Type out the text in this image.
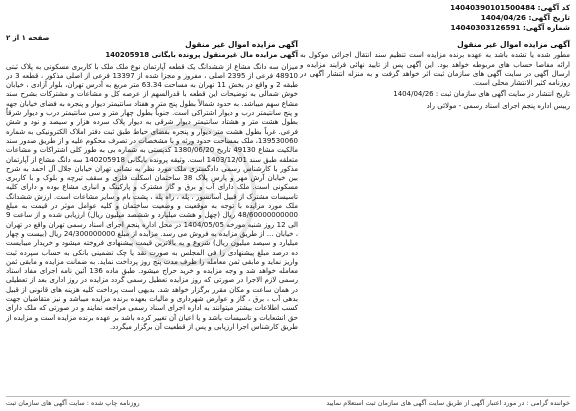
کد آگهی: 14040390101500484
تاریخ آگهی: 1404/04/26
شماره آگهی: 14040303126591
صفحه ۱ از ۲
آگهی مزایده اموال غیر منقول

مطور شده یا تشده باشد به عهده برنده مزایده است تنظیم سند انتقال اجرائی موکول به ارائه مفاصا حساب های مربوطه خواهد بود. این آگهی پس از تایید نهائی فرایند مزایده و ارسال آگهی در سایت آگهی های سازمان ثبت اثر خواهد گرفت و به منزله انتشار آگهی در روزنامه کثیر الانتشار محلی است.

تاریخ انتشار در سایت آگهی های سازمان ثبت : 1404/04/26

رییس اداره پنجم اجرای اسناد رسمی - مولائی راد

آگهی مزایده اموال غیر منقول
آگهی مزایده مال غیرمنقول پرونده بایگانی 140205918

میزان سه دانگ مشاع از ششدانگ یک قطعه آپارتمان نوع ملک ملک با کاربری مسکونی به پلاک ثبتی 48910 فرعی از 2395 اصلی ، مفروز و مجزا شده از 13397 فرعی از اصلی مذکور ، قطعه 3 در طبقه 2 و واقع در بخش 11 تهران به مساحت 63.34 متر مربع به آدرس تهران، بلوار آزادی ، خیابان خوش شمالی به توضیحات این قطعه با قدرالسهم از عرصه کل و مشاعات و مشترکات بشرح سند مشاع سهم میباشد. به حدود شمالاً بطول پنج متر و هفتاد سانتیمتر دیوار و پنجره به فضای خیابان جهه و پنج سانتیمتر درب و دیوار اشتراکی است. جنوباً بطول چهار متر و سی سانتیمتر درب و دیوار شرقاً بطول هشت متر و هشتاد سانتیمتر دیوار شرقی به دیوار پلاک سرده هزار و سیصد و نود و شش فرعی. غرباً بطول هشت متر دیوار و پنجره بفضای حیاط طبق ثبت دفتر املاک الکترونیکی به شماره 139530060، ملک بمساحت حدود ورثه و با مشخصات در تصرف محکوم علیه و از طریق صدور سند مالکیت مشاع 49130 تاریخ 1380/06/20 کدپستی به شماره بی به طور کلی اشتراکات و مشاعات متعلقه طبق سند 1403/12/01 است. وثیقه پرونده بایگانی 140205918 سه دانگ مشاع از آپارتمان مذکور با کارشناس رسمی دادگستری ملک مورد نظر به نشانی تهران خیابان جلال آل احمد به شرح بین خیابان آرش مهر و پارس پلاک 38 ساختمان اسکلت فلزی و سقف تیرچه و بلوک و با کاربری مسکونی است. ملک دارای آب و برق و گاز مشترک و پارکینگ و انباری مشاع بوده و دارای کلیه تاسیسات مشترک از قبیل آسانسور ، پله ، راه پله ، پشت بام و سایر مشاعات است. ارزش ششدانگ ملک مورد مزایده با توجه به موقعیت و وضعیت ساختمان و کلیه عوامل موثر در قیمت به مبلغ 48/60000000000 ریال (چهل و هشت میلیارد و ششصد میلیون ریال) ارزیابی شده و از ساعت 9 الی 12 روز شنبه مورخه 1404/05/05 در محل اداره پنجم اجرای اسناد رسمی تهران واقع در تهران ، خیابان ... از طریق مزایده به فروش می رسد. مزایده از مبلغ 24/300000000 ریال (بیست و چهار میلیارد و سیصد میلیون ریال) شروع و به بالاترین قیمت پیشنهادی فروخته میشود و خریدار میبایست ده درصد مبلغ پیشنهادی را فی المجلس به صورت نقد یا چک تضمینی بانکی به حساب سپرده ثبت واریز نماید و مابقی ثمن معامله را ظرف مدت پنج روز پرداخت نماید. به ضمانت مزایده و مابقی ثمن معامله خواهد شد و وجه مزایده و خرید حراج میشود. طبق ماده 136 آئین نامه اجرای مفاد اسناد رسمی لازم الاجرا در صورتی که روز مزایده تعطیل رسمی گردد مزایده در روز اداری بعد از تعطیلی در همان ساعت و مکان مقرر برگزار خواهد شد. بدیهی است پرداخت کلیه هزینه های قانونی از قبیل بدهی آب ، برق ، گاز و عوارض شهرداری و مالیات بعهده برنده مزایده میباشد و نیز متقاضیان جهت کسب اطلاعات بیشتر میتوانند به اداره اجرای اسناد رسمی مراجعه نمایند و در صورتی که ملک دارای حق انشعابات و تاسیسات باشد و یا اعیان آن تغییر کرده باشد بر عهده برنده مزایده است و مزایده از طریق کارشناس اجرا ارزیابی و پس از قطعیت آن برگزار میگردد.

خواننده گرامی : در مورد اعتبار آگهی از طریق سایت آگهی های سازمان ثبت استعلام نمایید
روزنامه چاپ شده : سایت آگهی های سازمان ثبت
